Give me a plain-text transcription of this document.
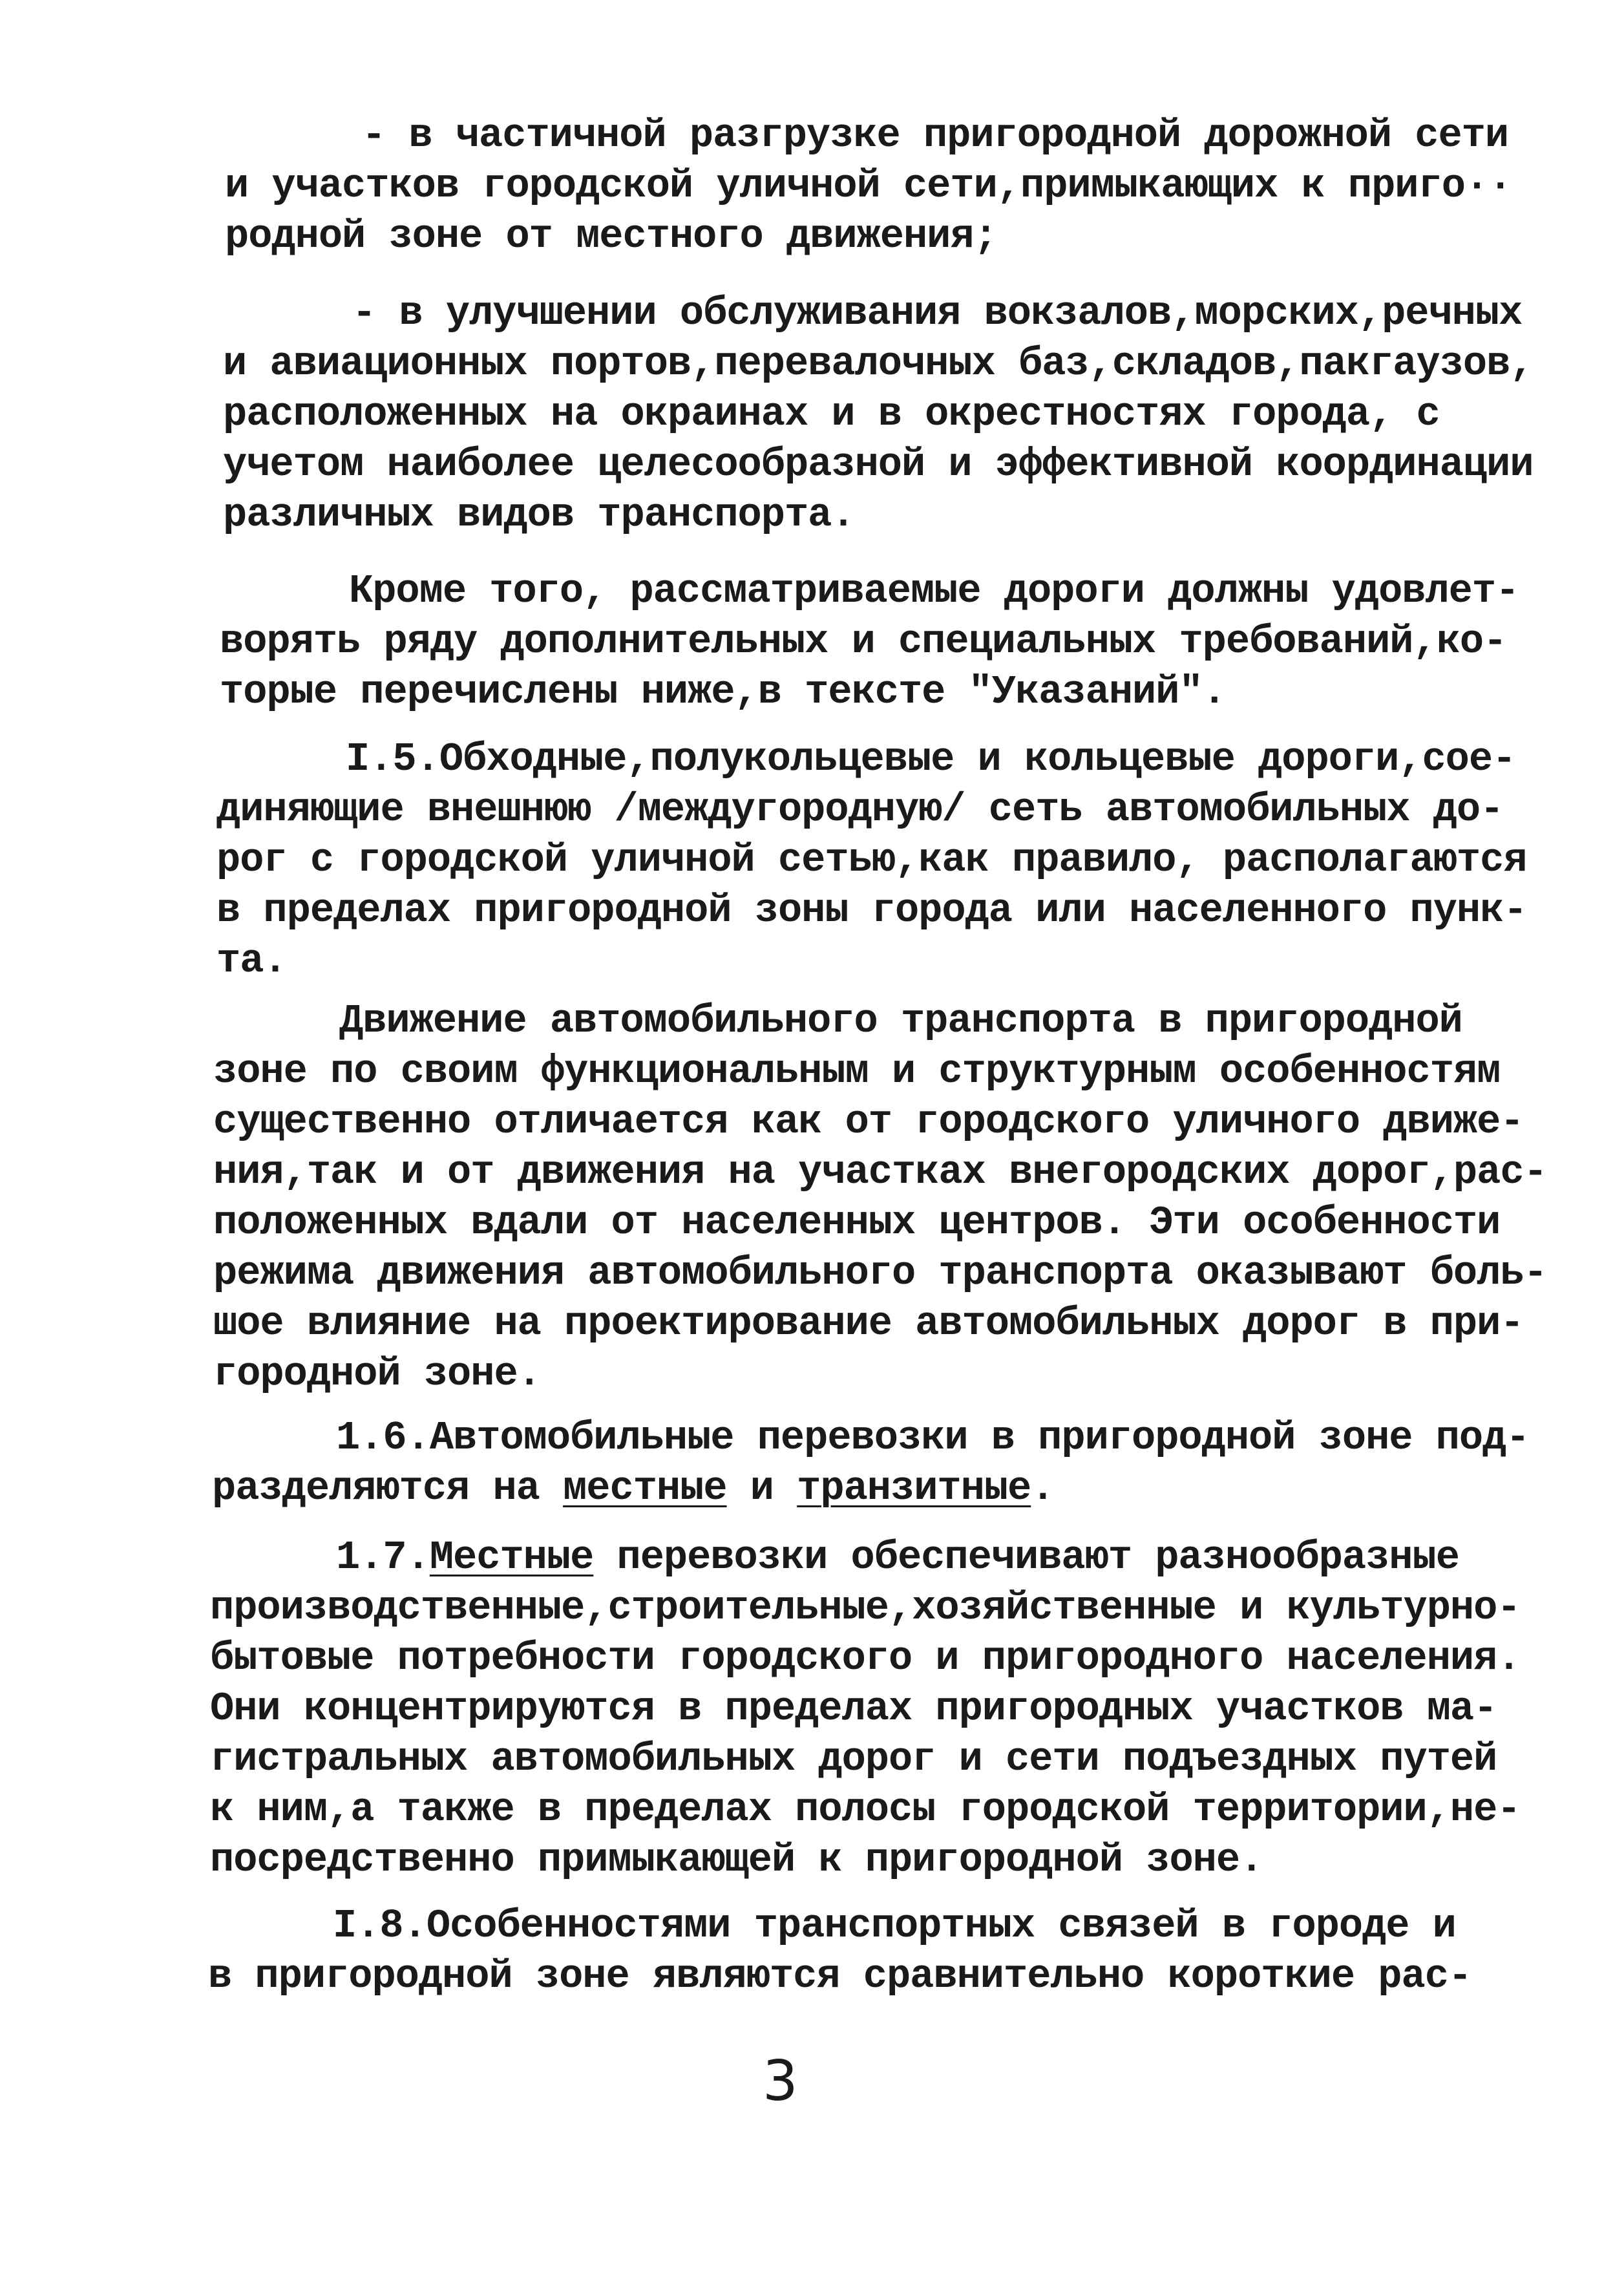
- в частичной разгрузке пригородной дорожной сети
и участков городской уличной сети,примыкающих к приго··
родной зоне от местного движения;
- в улучшении обслуживания вокзалов,морских,речных
и авиационных портов,перевалочных баз,складов,пакгаузов,
расположенных на окраинах и в окрестностях города, с
учетом наиболее целесообразной и эффективной координации
различных видов транспорта.
Кроме того, рассматриваемые дороги должны удовлет-
ворять ряду дополнительных и специальных требований,ко-
торые перечислены ниже,в тексте "Указаний".
I.5.Обходные,полукольцевые и кольцевые дороги,сое-
диняющие внешнюю /междугородную/ сеть автомобильных до-
рог с городской уличной сетью,как правило, располагаются
в пределах пригородной зоны города или населенного пунк-
та.
Движение автомобильного транспорта в пригородной
зоне по своим функциональным и структурным особенностям
существенно отличается как от городского уличного движе-
ния,так и от движения на участках внегородских дорог,рас-
положенных вдали от населенных центров. Эти особенности
режима движения автомобильного транспорта оказывают боль-
шое влияние на проектирование автомобильных дорог в при-
городной зоне.
1.6.Автомобильные перевозки в пригородной зоне под-
разделяются на местные и транзитные.
1.7.Местные перевозки обеспечивают разнообразные
производственные,строительные,хозяйственные и культурно-
бытовые потребности городского и пригородного населения.
Они концентрируются в пределах пригородных участков ма-
гистральных автомобильных дорог и сети подъездных путей
к ним,а также в пределах полосы городской территории,не-
посредственно примыкающей к пригородной зоне.
I.8.Особенностями транспортных связей в городе и
в пригородной зоне являются сравнительно короткие рас-
3
